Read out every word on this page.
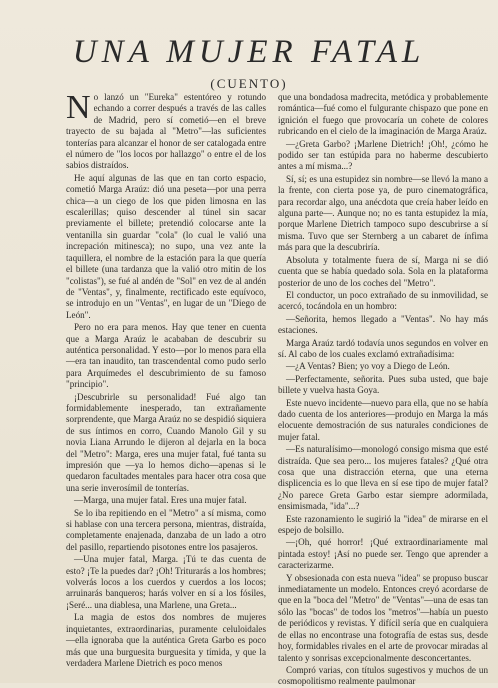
UNA MUJER FATAL
(CUENTO)

No lanzó un "Eureka" estentóreo y rotundo echando a correr después a través de las calles de Madrid, pero sí cometió—en el breve trayecto de su bajada al "Metro"—las suficientes tonterías para alcanzar el honor de ser catalogada entre el número de "los locos por hallazgo" o entre el de los sabios distraídos.

He aquí algunas de las que en tan corto espacio, cometió Marga Araúz: dió una peseta—por una perra chica—a un ciego de los que piden limosna en las escalerillas; quiso descender al túnel sin sacar previamente el billete; pretendió colocarse ante la ventanilla sin guardar "cola" (lo cual le valió una increpación mitinesca); no supo, una vez ante la taquillera, el nombre de la estación para la que quería el billete (una tardanza que la valió otro mitin de los "colistas"), se fué al andén de "Sol" en vez de al andén de "Ventas", y, finalmente, rectificado este equívoco, se introdujo en un "Ventas", en lugar de un "Diego de León".

Pero no era para menos. Hay que tener en cuenta que a Marga Araúz le acababan de descubrir su auténtica personalidad. Y esto—por lo menos para ella—era tan inaudito, tan trascendental como pudo serlo para Arquímedes el descubrimiento de su famoso "principio".

¡Descubrirle su personalidad! Fué algo tan formidablemente inesperado, tan extrañamente sorprendente, que Marga Araúz no se despidió siquiera de sus íntimos en corro, Cuando Manolo Gil y su novia Liana Arrundo le dijeron al dejarla en la boca del "Metro": Marga, eres una mujer fatal, fué tanta su impresión que —ya lo hemos dicho—apenas si le quedaron facultades mentales para hacer otra cosa que una serie inverosímil de tonterías.

—Marga, una mujer fatal. Eres una mujer fatal.

Se lo iba repitiendo en el "Metro" a sí misma, como si hablase con una tercera persona, mientras, distraída, completamente enajenada, danzaba de un lado a otro del pasillo, repartiendo pisotones entre los pasajeros.

—Una mujer fatal, Marga. ¡Tú te das cuenta de esto? ¡Te la puedes dar? ¡Oh! Triturarás a los hombres; volverás locos a los cuerdos y cuerdos a los locos; arruinarás banqueros; harás volver en sí a los fósiles, ¡Seré... una diablesa, una Marlene, una Greta...

La magia de estos dos nombres de mujeres inquietantes, extraordinarias, puramente celuloidales—ella ignoraba que la auténtica Greta Garbo es poco más que una burguesita burguesita y tímida, y que la verdadera Marlene Dietrich es poco menos

que una bondadosa madrecita, metódica y probablemente romántica—fué como el fulgurante chispazo que pone en ignición el fuego que provocaría un cohete de colores rubricando en el cielo de la imaginación de Marga Araúz.

—¿Greta Garbo? ¡Marlene Dietrich! ¡Oh!, ¿cómo he podido ser tan estúpida para no haberme descubierto antes a mí misma...?

Sí, sí; es una estupidez sin nombre—se llevó la mano a la frente, con cierta pose ya, de puro cinematográfica, para recordar algo, una anécdota que creía haber leído en alguna parte—. Aunque no; no es tanta estupidez la mía, porque Marlene Dietrich tampoco supo descubrirse a sí misma. Tuvo que ser Sternberg a un cabaret de ínfima más para que la descubriría.

Absoluta y totalmente fuera de sí, Marga ni se dió cuenta que se había quedado sola. Sola en la plataforma posterior de uno de los coches del "Metro".

El conductor, un poco extrañado de su inmovilidad, se acercó, tocándola en un hombro:

—Señorita, hemos llegado a "Ventas". No hay más estaciones.

Marga Araúz tardó todavía unos segundos en volver en sí. Al cabo de los cuales exclamó extrañadísima:

—¿A Ventas? Bien; yo voy a Diego de León.

—Perfectamente, señorita. Pues suba usted, que baje billete y vuelva hasta Goya.

Este nuevo incidente—nuevo para ella, que no se había dado cuenta de los anteriores—produjo en Marga la más elocuente demostración de sus naturales condiciones de mujer fatal.

—Es naturalísimo—monologó consigo misma que esté distraída. Que sea pero... los mujeres fatales? ¿Qué otra cosa que una distracción eterna, que una eterna displicencia es lo que lleva en sí ese tipo de mujer fatal? ¿No parece Greta Garbo estar siempre adormilada, ensimismada, "ida"...?

Este razonamiento le sugirió la "idea" de mirarse en el espejo de bolsillo.

—¡Oh, qué horror! ¡Qué extraordinariamente mal pintada estoy! ¡Así no puede ser. Tengo que aprender a caracterizarme.

Y obsesionada con esta nueva "idea" se propuso buscar inmediatamente un modelo. Entonces creyó acordarse de que en la "boca del "Metro" de "Ventas"—una de esas tan sólo las "bocas" de todos los "metros"—había un puesto de periódicos y revistas. Y difícil sería que en cualquiera de ellas no encontrase una fotografía de estas sus, desde hoy, formidables rivales en el arte de provocar miradas al talento y sonrisas excepcionalmente desconcertantes.

Compró varias, con títulos sugestivos y muchos de un cosmopolitismo realmente paulmonar
